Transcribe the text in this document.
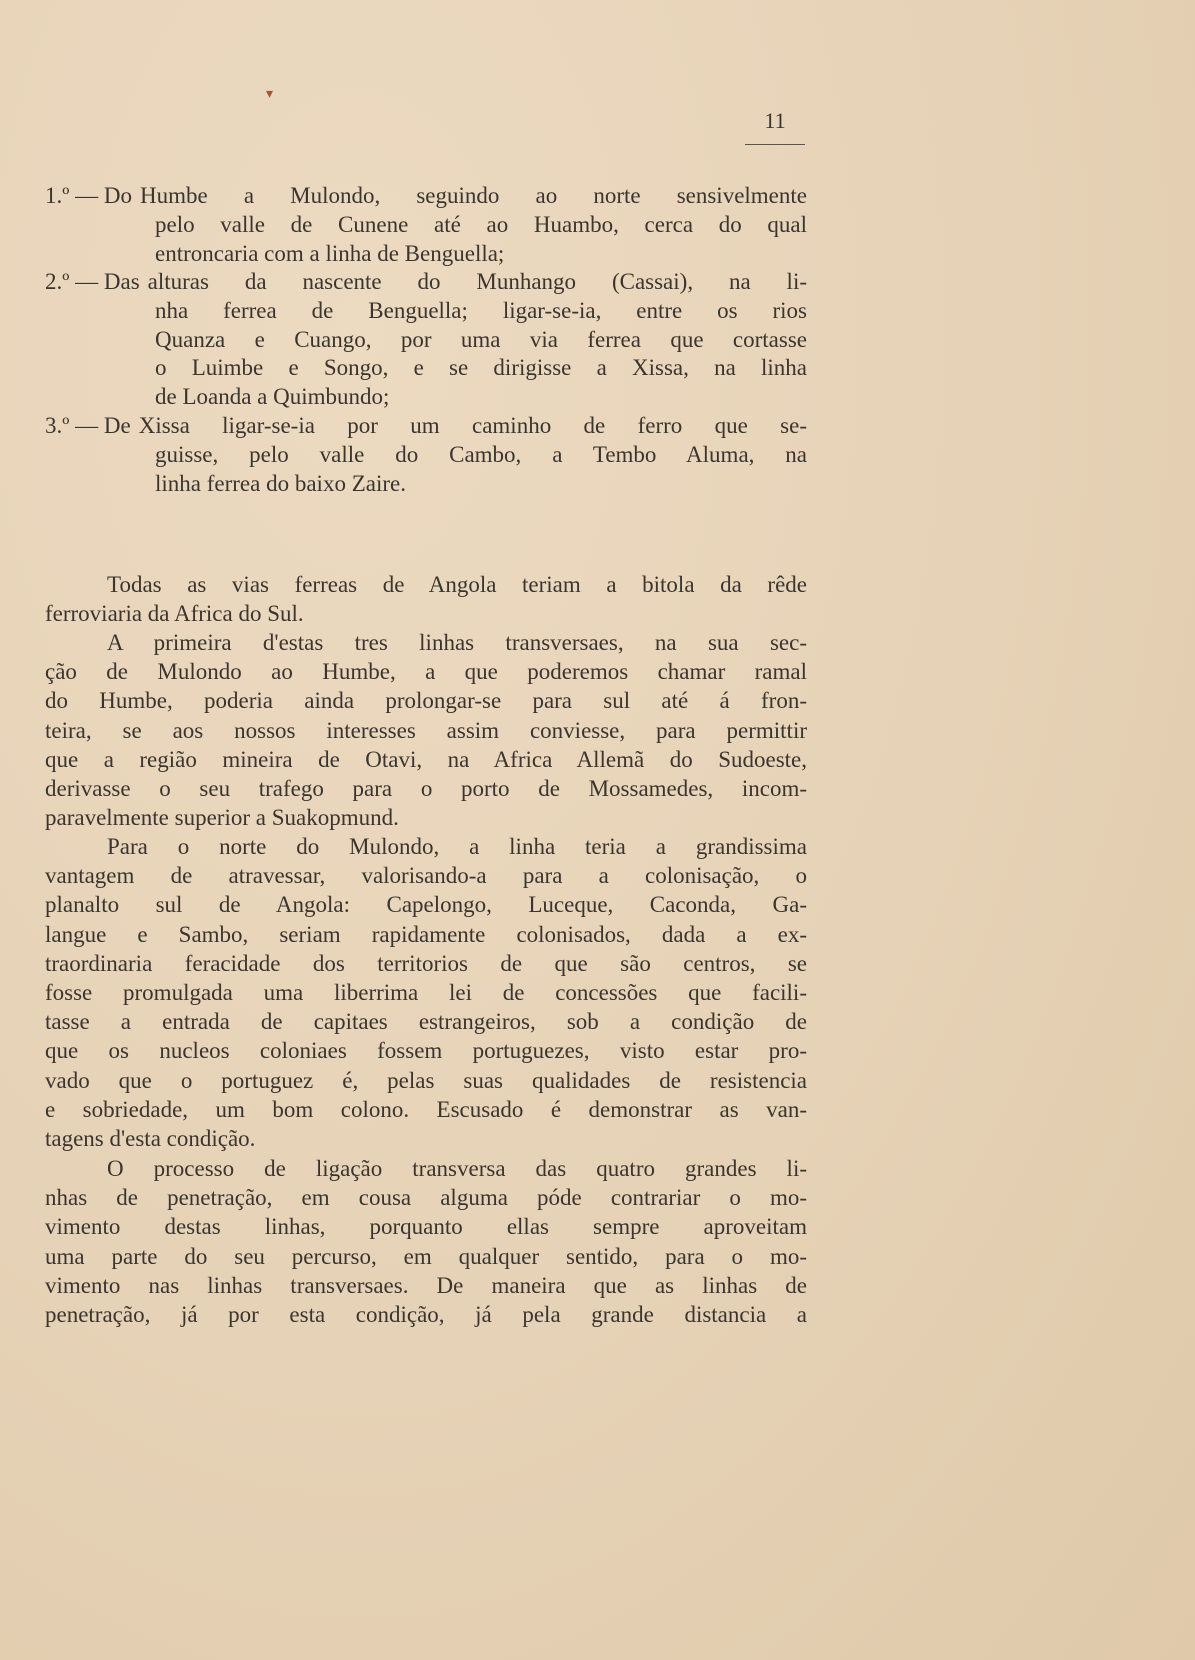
▾
11
1.º — Do Humbe a Mulondo, seguindo ao norte sensivelmente
pelo valle de Cunene até ao Huambo, cerca do qual
entroncaria com a linha de Benguella;
2.º — Das alturas da nascente do Munhango (Cassai), na li-
nha ferrea de Benguella; ligar-se-ia, entre os rios
Quanza e Cuango, por uma via ferrea que cortasse
o Luimbe e Songo, e se dirigisse a Xissa, na linha
de Loanda a Quimbundo;
3.º — De Xissa ligar-se-ia por um caminho de ferro que se-
guisse, pelo valle do Cambo, a Tembo Aluma, na
linha ferrea do baixo Zaire.
Todas as vias ferreas de Angola teriam a bitola da rêde
ferroviaria da Africa do Sul.
A primeira d'estas tres linhas transversaes, na sua sec-
ção de Mulondo ao Humbe, a que poderemos chamar ramal
do Humbe, poderia ainda prolongar-se para sul até á fron-
teira, se aos nossos interesses assim conviesse, para permittir
que a região mineira de Otavi, na Africa Allemã do Sudoeste,
derivasse o seu trafego para o porto de Mossamedes, incom-
paravelmente superior a Suakopmund.
Para o norte do Mulondo, a linha teria a grandissima
vantagem de atravessar, valorisando-a para a colonisação, o
planalto sul de Angola: Capelongo, Luceque, Caconda, Ga-
langue e Sambo, seriam rapidamente colonisados, dada a ex-
traordinaria feracidade dos territorios de que são centros, se
fosse promulgada uma liberrima lei de concessões que facili-
tasse a entrada de capitaes estrangeiros, sob a condição de
que os nucleos coloniaes fossem portuguezes, visto estar pro-
vado que o portuguez é, pelas suas qualidades de resistencia
e sobriedade, um bom colono. Escusado é demonstrar as van-
tagens d'esta condição.
O processo de ligação transversa das quatro grandes li-
nhas de penetração, em cousa alguma póde contrariar o mo-
vimento destas linhas, porquanto ellas sempre aproveitam
uma parte do seu percurso, em qualquer sentido, para o mo-
vimento nas linhas transversaes. De maneira que as linhas de
penetração, já por esta condição, já pela grande distancia a
